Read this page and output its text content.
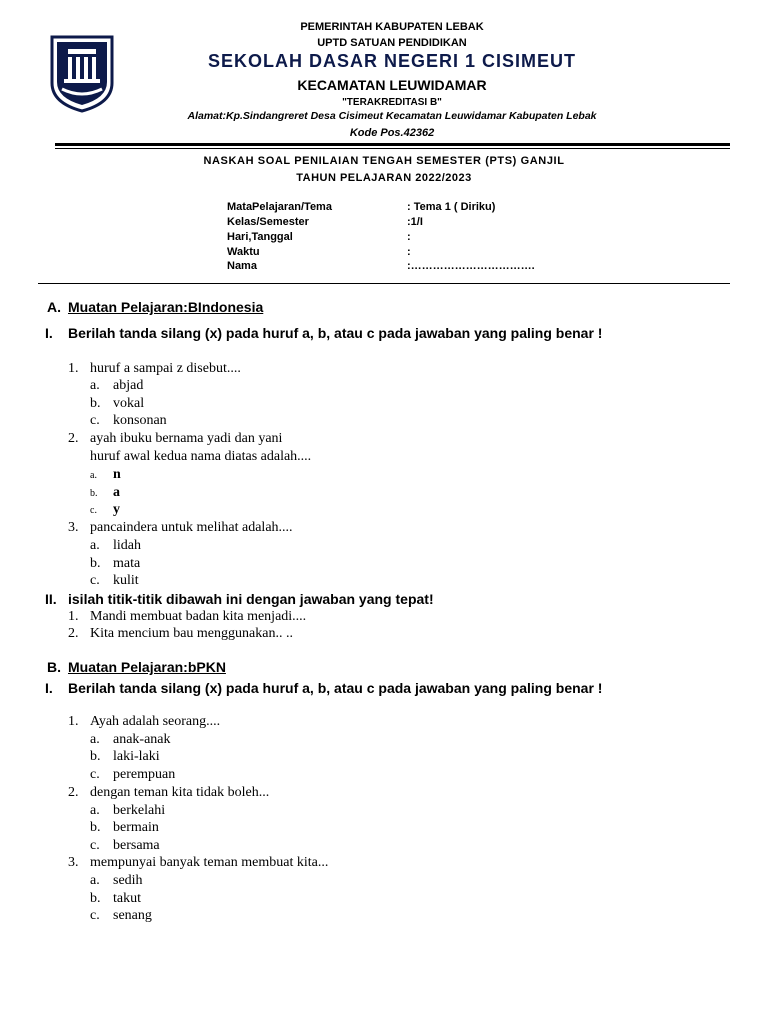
PEMERINTAH KABUPATEN LEBAK
UPTD SATUAN PENDIDIKAN
SEKOLAH DASAR NEGERI 1 CISIMEUT
KECAMATAN LEUWIDAMAR
"TERAKREDITASI B"
Alamat:Kp.Sindangreret Desa Cisimeut Kecamatan Leuwidamar Kabupaten Lebak
Kode Pos.42362
NASKAH SOAL PENILAIAN TENGAH SEMESTER (PTS) GANJIL
TAHUN PELAJARAN 2022/2023
MataPelajaran/Tema	: Tema 1 ( Diriku)
Kelas/Semester	:1/I
Hari,Tanggal	:
Waktu	:
Nama	:…………………………….
A. Muatan Pelajaran:BIndonesia
I. Berilah tanda silang (x) pada huruf a, b, atau c pada jawaban yang paling benar !
1. huruf a sampai z disebut....
a. abjad
b. vokal
c. konsonan
2. ayah ibuku bernama yadi dan yani
huruf awal kedua nama diatas adalah....
a. n
b. a
c. y
3. pancaindera untuk melihat adalah....
a. lidah
b. mata
c. kulit
II. isilah titik-titik dibawah ini dengan jawaban yang tepat!
1. Mandi membuat badan kita menjadi....
2. Kita mencium bau menggunakan.. ..
B. Muatan Pelajaran:bPKN
I. Berilah tanda silang (x) pada huruf a, b, atau c pada jawaban yang paling benar !
1. Ayah adalah seorang....
a. anak-anak
b. laki-laki
c. perempuan
2. dengan teman kita tidak boleh...
a. berkelahi
b. bermain
c. bersama
3. mempunyai banyak teman membuat kita...
a. sedih
b. takut
c. senang
